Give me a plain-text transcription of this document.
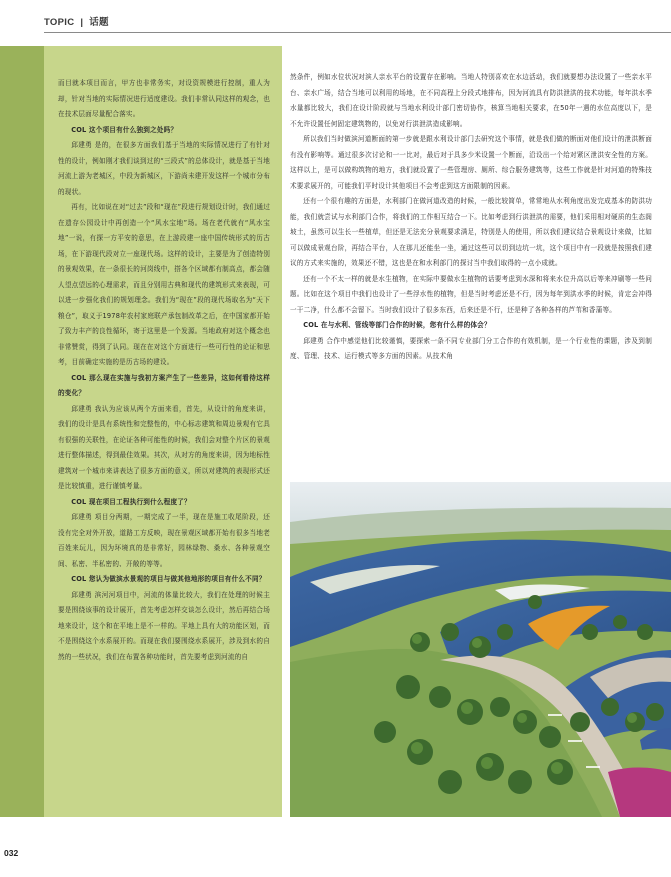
TOPIC | 话题

而目就本项目而言，甲方也非常务实，对设资规模进行控制，重人为却，针对当地的实际情况进行适度建设。我们非常认同这样的观念，也在技术层面尽量配合落实。

COL 这个项目有什么独到之处吗？

邱建勇 是的，在很多方面我们基于当地的实际情况进行了有针对性的设计，例如刚才我们谈到过的“三段式”的总体设计，就是基于当地河流上游为老城区，中段为新城区，下游尚未建开发这样一个城市分布的现状。

再有，比如说在对“过去”段和“现在”段进行规划设计时，我们通过在遗存公园设计中再创造一个“风水宝地”场。场在老代就有“风水宝地”一说，有探一方平安的意思，在上游段建一座中国传统形式的历古场，在下游现代段对立一座现代场。这样的设计，主要是为了创造特别的景观效果，在一条很长的河岗线中，搭各个区域都有制高点，都会随人望点望远的心理需求，而且分别用古典和现代的建筑形式来表现，可以进一步强化我们的规划理念。我们为“现在”段的现代场取名为“天下粮仓”，取义于1978年农村家庭联产承包制改革之后，在中国家都开始了致力丰产的良性循环，寄于这里是一个发源。当地政府对这个概念也非常赞赏，得到了认同。现在在对这个方面进行一些可行性的论证和思考，目前确定实施的是历古场的建设。

COL 那么现在实施与我初方案产生了一些差异，这如何看待这样的变化？

邱建勇 我认为应该从两个方面来看，首先，从设计的角度来讲，我们的设计是具有系统性和完整性的，中心标志建筑和周边景观有它具有很强的关联性，在论证各种可能性的时候，我们会对整个片区的景观进行整体描述，得到最佳效果。其次，从对方的角度来讲，因为地标性建筑对一个城市来讲表达了很多方面的意义，所以对建筑的表现形式还是比较慎重，进行谨慎考量。

COL 现在项目工程执行到什么程度了？

邱建勇 项目分两期，一期完成了一半，现在是施工收尾阶段，还没有完全对外开放，道路工方反映，现在景观区域都开始有很多当地老百姓来玩儿，因为环境真的是非常好，园林绿物、桑水、各种景观空间、私密、半私密的、开敞的等等。

COL 您认为做滨水景观的项目与做其他地形的项目有什么不同？

邱建勇 滨河河项目中，河流的体量比较大，我们在处理的时候主要是围绕该事的设计展开，首先考虑怎样交谈怎么设计，然后再结合场地来设计，这个和在平地上是不一样的。平地上具有大的功能区划，而不是围绕这个水系展开的。而现在我们要围绕水系展开，涉及到水的自然的一些状况，我们在布置各种功能时，首先要考虑到河流的自

然条件，例如水位状况对滨人亲水平台的设置存在影响。当地人特别喜欢在水边活动，我们就要想办法设置了一些亲水平台、亲水广场，结合当地可以利用的场地，在不同高程上分段式地排布，因为河流具有防洪泄洪的技术功能，每年洪水季水量都比较大，我们在设计阶段就与当地水利设计部门密切协作，核算当地相关要求，在50年一遇的水位高度以下，是不允许设置任何固定建筑物的，以免对行洪泄洪造成影响。

所以我们当时做滨河道断面的第一步就是跟水利设计部门去研究这个事情，就是我们做的断面对他们设计的泄洪断面有没有影响等。通过很多次讨论和一一比对，最后对于具多少米设置一个断面，沿设出一个给对紧区泄洪安全性的方案。这样以上，是可以做构筑物的地方，我们就设置了一些管理房、厕所、综合服务建筑等，这些工作就是针对河道的特殊技术要求展开的，可能我们平时设计其他项目不会考虑到这方面限制的因素。

还有一个很有趣的方面是，水利部门在做河道改造的时候，一般比较简单，常常地从水利角度出发完成基本的防洪功能，我们就尝试与水利部门合作，将我们的工作相互结合一下。比如考虑到行洪泄洪的需要，他们采用相对硬质的生态阁坡土，虽然可以生长一些植草，但还是无法充分景观要求满足，特别是人的使用，所以我们建议结合景观设计来做，比如可以做成景观台阶，再结合平台，人在那儿还能坐一坐，通过这些可以切到边坑一坑，这个项目中有一段就是按照我们建议的方式来实施的，效果还不错，这也是在和水利部门的探讨当中我们取得的一点小成就。

还有一个不太一样的就是水生植物，在实际中要做水生植物的话要考虑到水深和将来水位升高以后等来冲刷等一些问题。比如在这个项目中我们也设计了一些浮水性的植物，但是当时考虑还是不行，因为每年到洪水季的时候，肯定会冲得一干二净，什么都不会留下。当时我们设计了很多东西，后来还是不行，还是种了各种各样的芦苇和香蒲等。

COL 在与水利、管线等部门合作的时候，您有什么样的体会？

邱建勇 合作中感觉他们比较谨慎，要探索一条不同专业部门分工合作的有效机制，是一个行业性的课题，涉及到制度、管理、技术、运行模式等多方面的因素。从技术角

032
